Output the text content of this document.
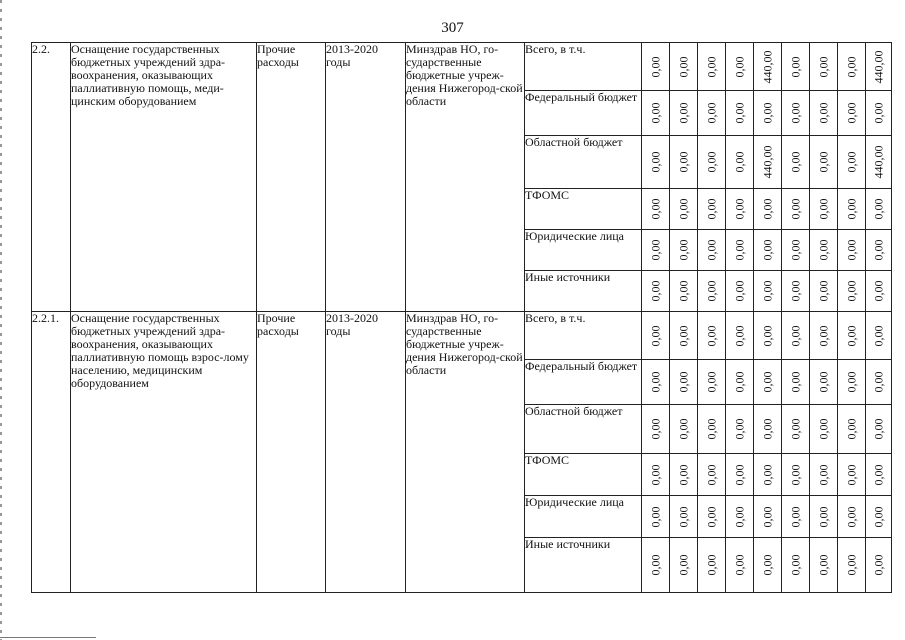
307
2.2.	Оснащение государственных бюджетных учреждений здра-воохранения, оказывающих паллиативную помощь, меди-цинским оборудованием	Прочие расходы	2013-2020 годы	Минздрав НО, го-сударственные бюджетные учреж-дения Нижегород-ской области	Всего, в т.ч.	0,00	0,00	0,00	0,00	440,00	0,00	0,00	0,00	440,00

					Федеральный бюджет	0,00	0,00	0,00	0,00	0,00	0,00	0,00	0,00	0,00

					Областной бюджет	0,00	0,00	0,00	0,00	440,00	0,00	0,00	0,00	440,00

					ТФОМС	0,00	0,00	0,00	0,00	0,00	0,00	0,00	0,00	0,00

					Юридические лица	0,00	0,00	0,00	0,00	0,00	0,00	0,00	0,00	0,00

					Иные источники	0,00	0,00	0,00	0,00	0,00	0,00	0,00	0,00	0,00

2.2.1.	Оснащение государственных бюджетных учреждений здра-воохранения, оказывающих паллиативную помощь взрос-лому населению, медицинским оборудованием	Прочие расходы	2013-2020 годы	Минздрав НО, го-сударственные бюджетные учреж-дения Нижегород-ской области	Всего, в т.ч.	0,00	0,00	0,00	0,00	0,00	0,00	0,00	0,00	0,00

					Федеральный бюджет	0,00	0,00	0,00	0,00	0,00	0,00	0,00	0,00	0,00

					Областной бюджет	0,00	0,00	0,00	0,00	0,00	0,00	0,00	0,00	0,00

					ТФОМС	0,00	0,00	0,00	0,00	0,00	0,00	0,00	0,00	0,00

					Юридические лица	0,00	0,00	0,00	0,00	0,00	0,00	0,00	0,00	0,00

					Иные источники	0,00	0,00	0,00	0,00	0,00	0,00	0,00	0,00	0,00
